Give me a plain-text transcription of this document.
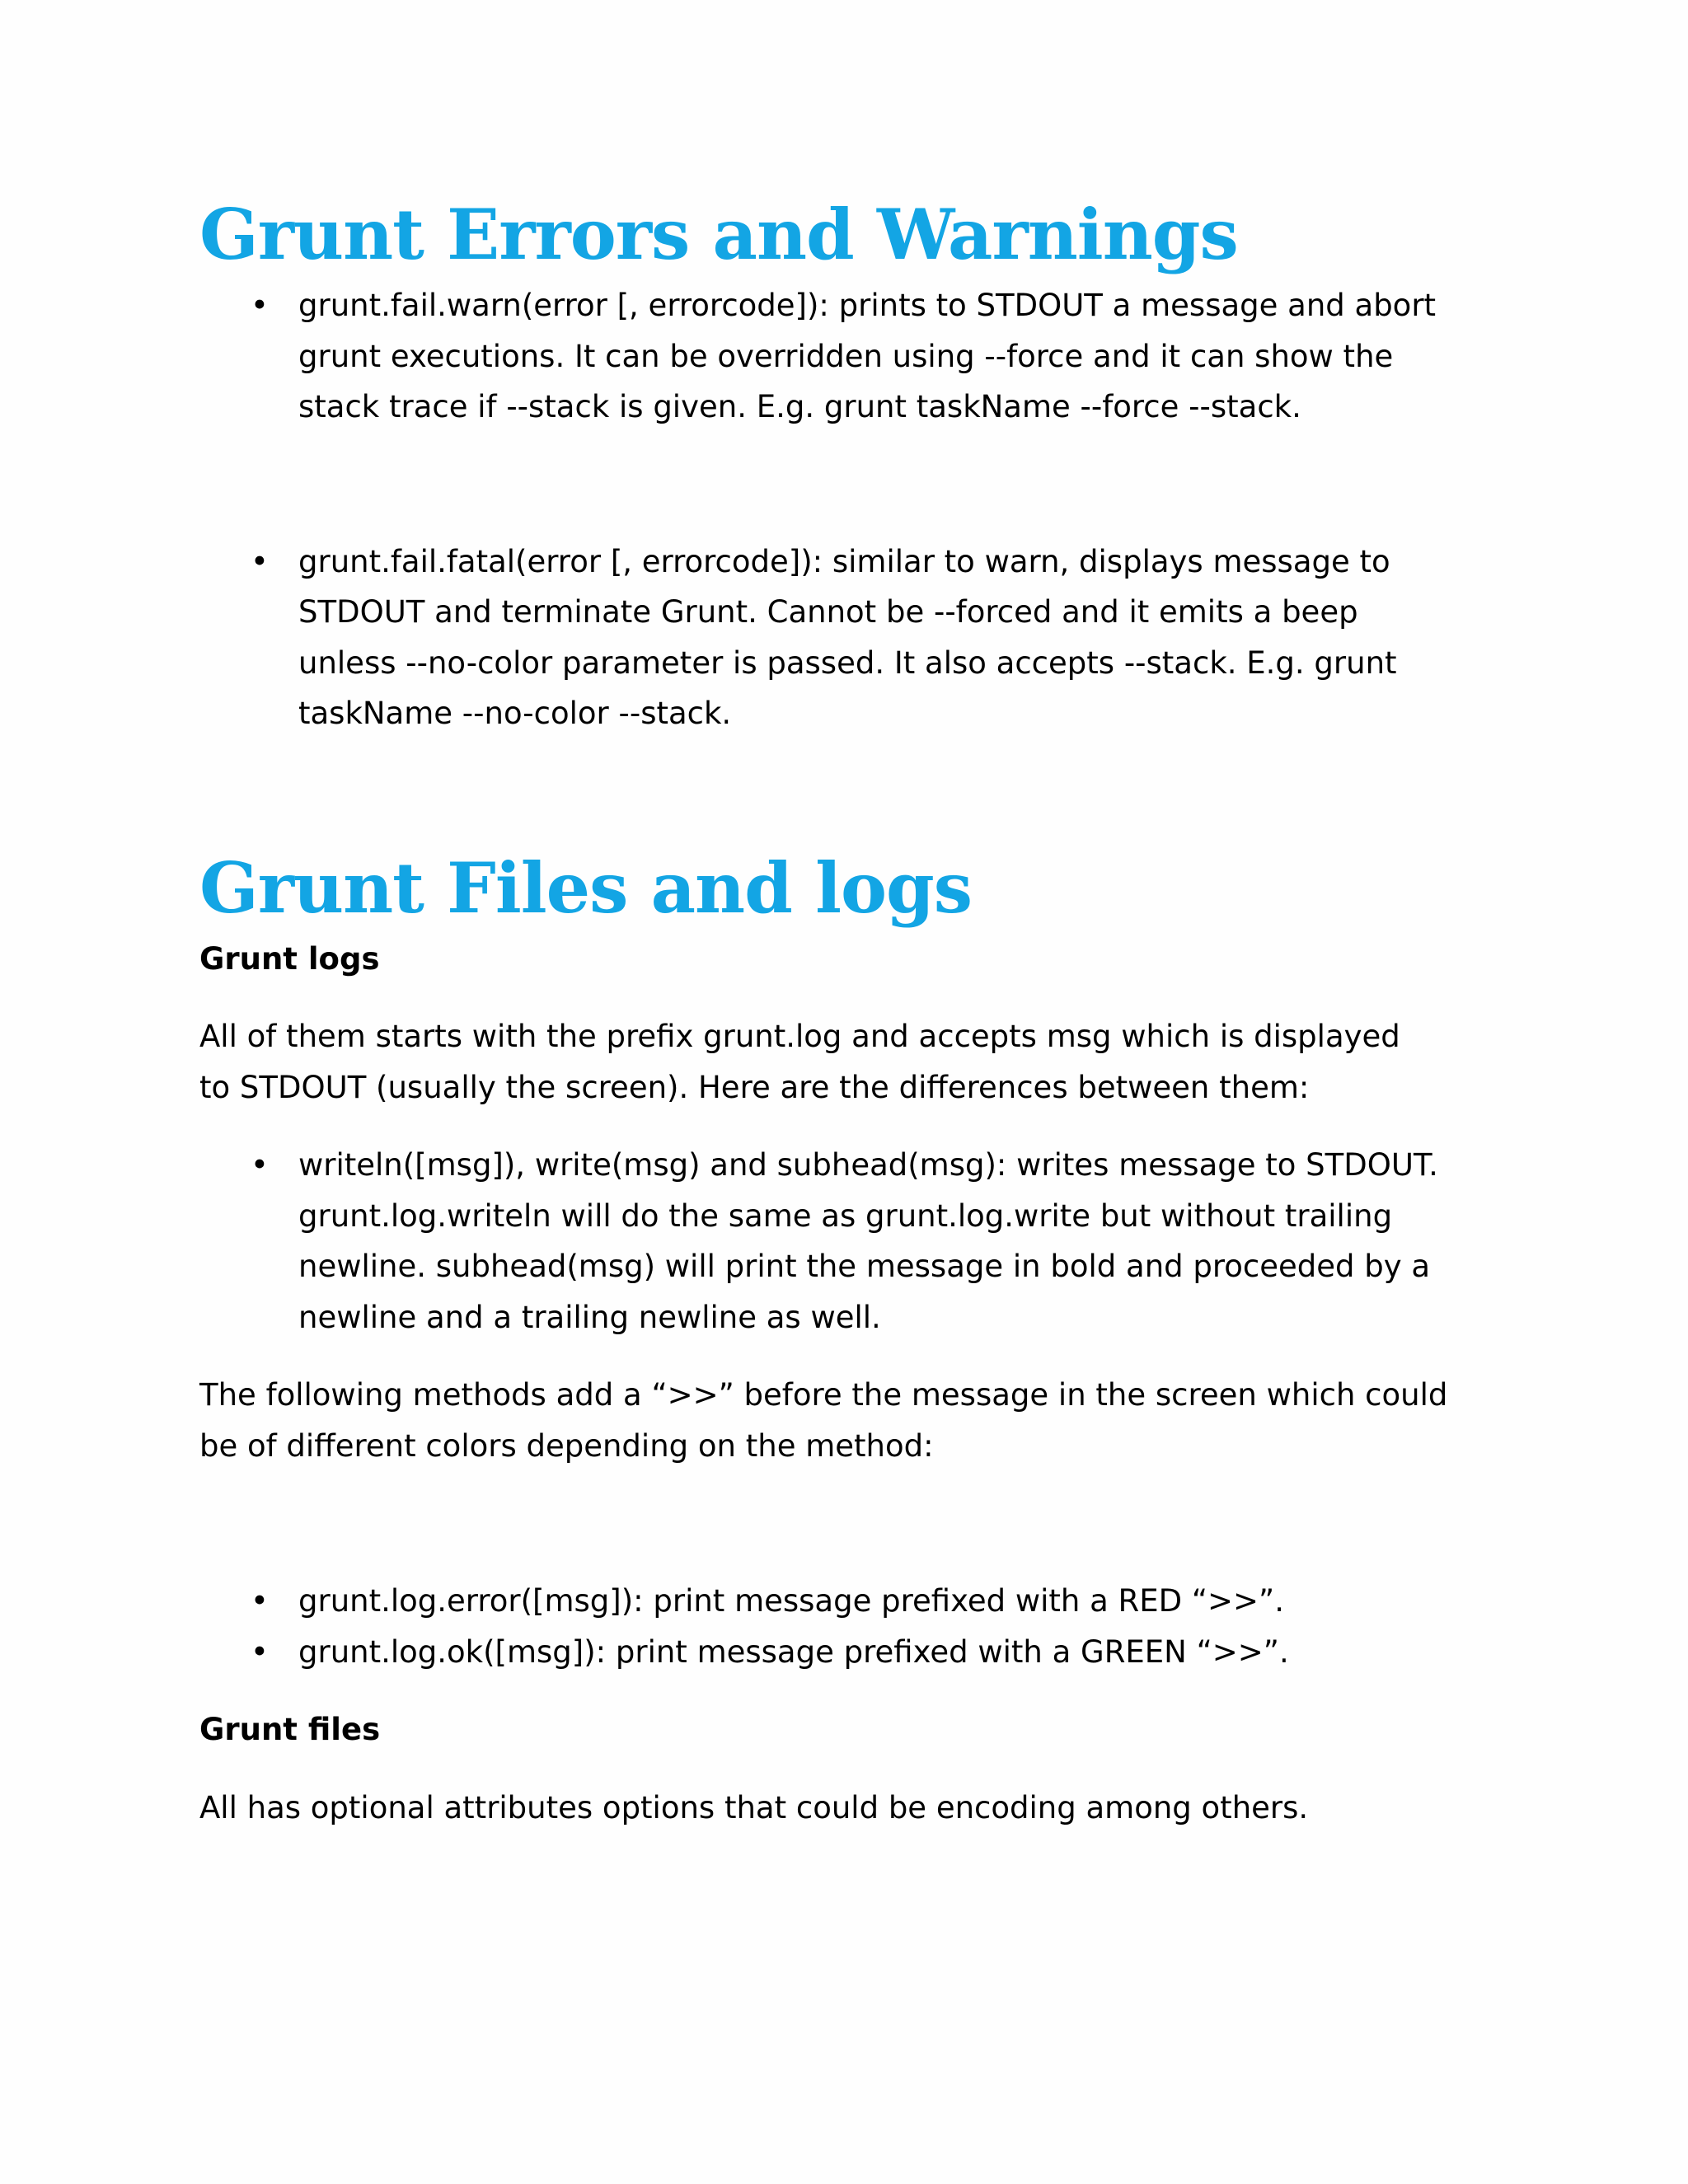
Grunt Errors and Warnings
• grunt.fail.warn(error [, errorcode]): prints to STDOUT a message and abort grunt executions. It can be overridden using --force and it can show the stack trace if --stack is given. E.g. grunt taskName --force --stack.
• grunt.fail.fatal(error [, errorcode]): similar to warn, displays message to STDOUT and terminate Grunt. Cannot be --forced and it emits a beep unless --no-color parameter is passed. It also accepts --stack. E.g. grunt taskName --no-color --stack.
Grunt Files and logs

Grunt logs

All of them starts with the prefix grunt.log and accepts msg which is displayed to STDOUT (usually the screen). Here are the differences between them:

• writeln([msg]), write(msg) and subhead(msg): writes message to STDOUT. grunt.log.writeln will do the same as grunt.log.write but without trailing newline. subhead(msg) will print the message in bold and proceeded by a newline and a trailing newline as well.

The following methods add a “>>” before the message in the screen which could be of different colors depending on the method:

• grunt.log.error([msg]): print message prefixed with a RED “>>”.
• grunt.log.ok([msg]): print message prefixed with a GREEN “>>”.

Grunt files

All has optional attributes options that could be encoding among others.
